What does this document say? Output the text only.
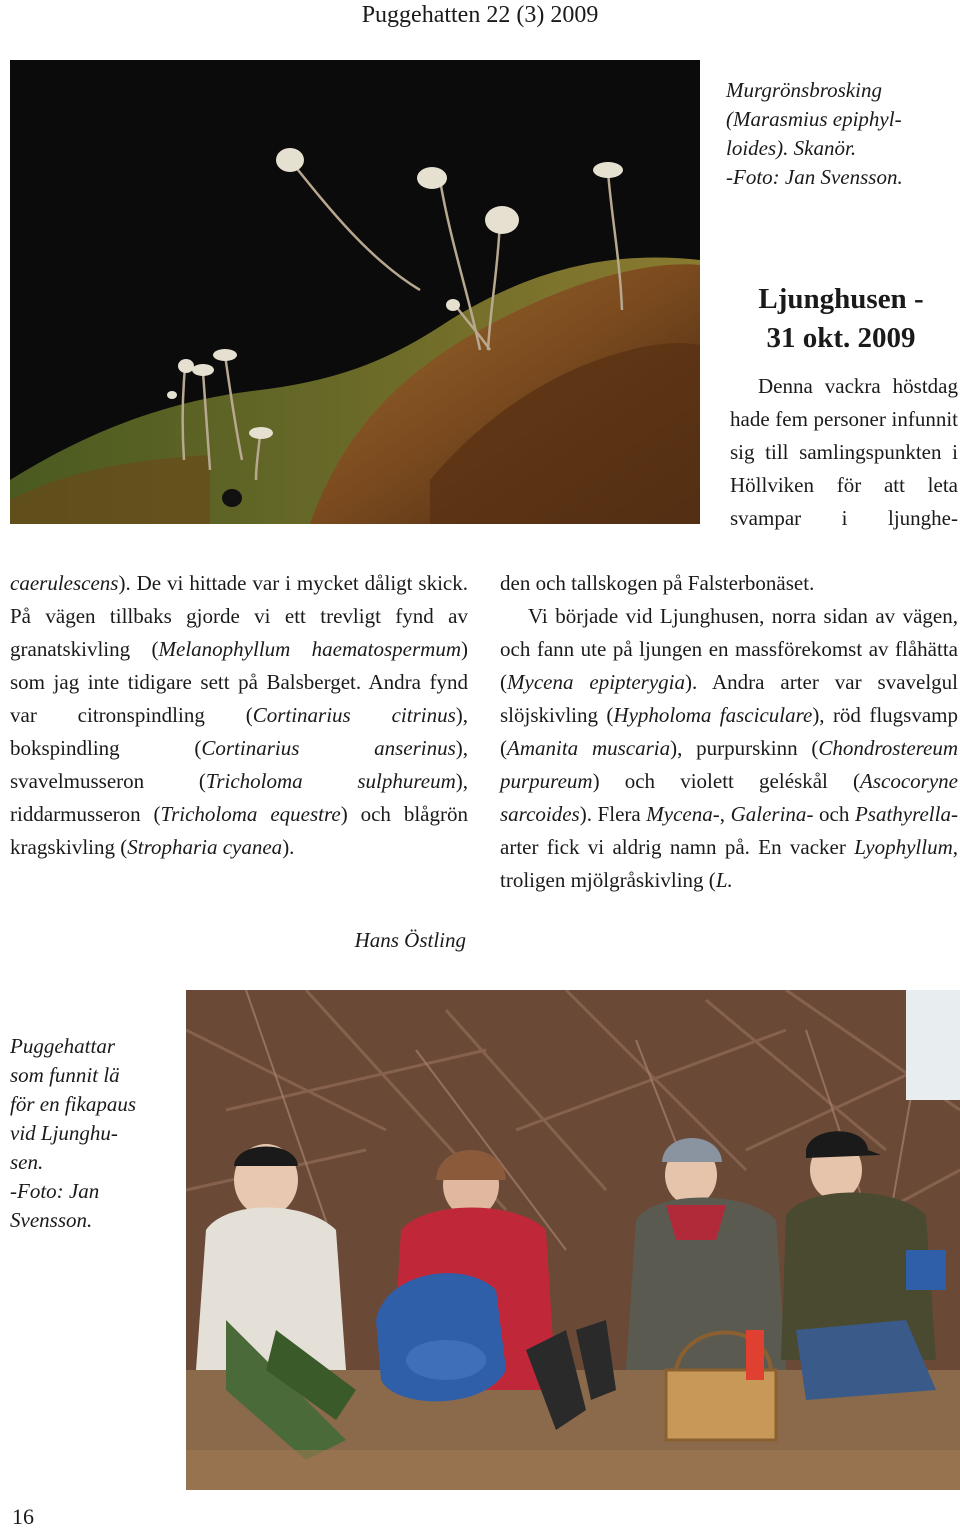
Puggehatten 22 (3) 2009
Murgrönsbrosking
(Marasmius epiphyl-
loides). Skanör.
-Foto: Jan Svensson.
Ljunghusen -
31 okt. 2009

Denna vackra höstdag hade fem personer infunnit sig till samlingspunkten i Höllviken för att leta svampar i ljunghe-

den och tallskogen på Falsterbonäset.

Vi började vid Ljunghusen, norra sidan av vägen, och fann ute på ljungen en massförekomst av flåhätta (Mycena epipterygia). Andra arter var svavelgul slöjskivling (Hypholoma fasciculare), röd flugsvamp (Amanita muscaria), purpurskinn (Chondrostereum purpureum) och violett geléskål (Ascocoryne sarcoides). Flera Mycena-, Galerina- och Psathyrella-arter fick vi aldrig namn på. En vacker Lyophyllum, troligen mjölgråskivling (L.

caerulescens). De vi hittade var i mycket dåligt skick. På vägen tillbaks gjorde vi ett trevligt fynd av granatskivling (Melanophyllum haematospermum) som jag inte tidigare sett på Balsberget. Andra fynd var citronspindling (Cortinarius citrinus), bokspindling (Cortinarius anserinus), svavelmusseron (Tricholoma sulphureum), riddarmusseron (Tricholoma equestre) och blågrön kragskivling (Stropharia cyanea).

Hans Östling
Puggehattar
som funnit lä
för en fikapaus
vid Ljunghu-
sen.
-Foto: Jan
Svensson.
16
